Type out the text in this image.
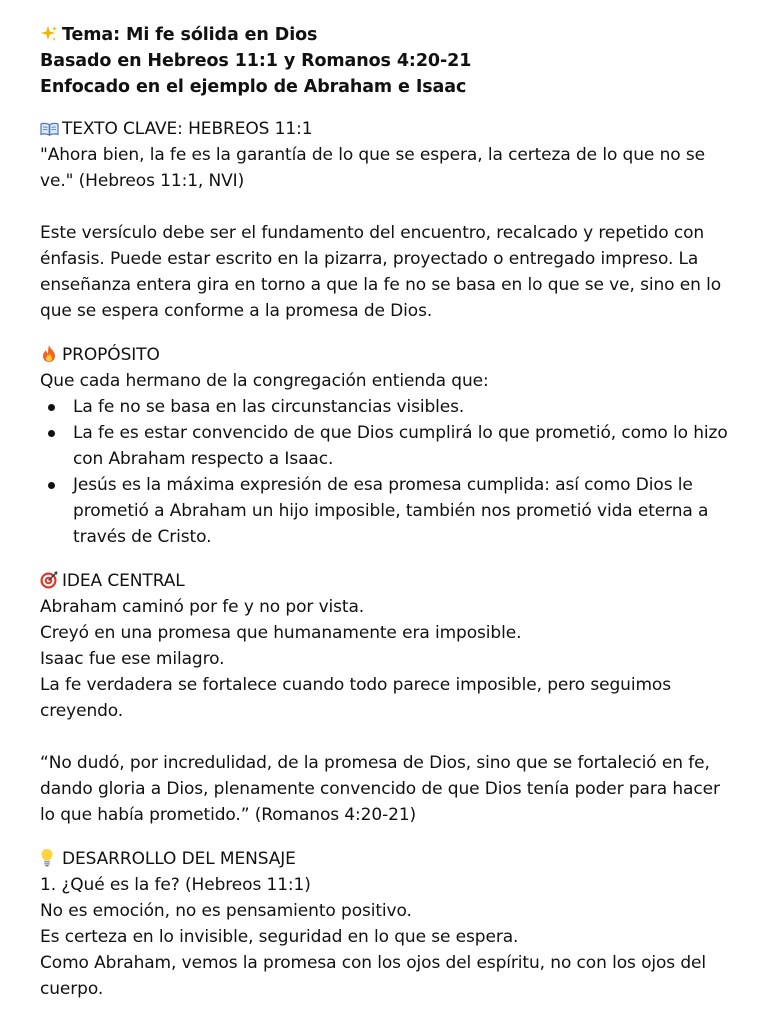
Tema: Mi fe sólida en Dios
Basado en Hebreos 11:1 y Romanos 4:20-21
Enfocado en el ejemplo de Abraham e Isaac
TEXTO CLAVE: HEBREOS 11:1
"Ahora bien, la fe es la garantía de lo que se espera, la certeza de lo que no se ve." (Hebreos 11:1, NVI)
Este versículo debe ser el fundamento del encuentro, recalcado y repetido con énfasis. Puede estar escrito en la pizarra, proyectado o entregado impreso. La enseñanza entera gira en torno a que la fe no se basa en lo que se ve, sino en lo que se espera conforme a la promesa de Dios.
PROPÓSITO
Que cada hermano de la congregación entienda que:
La fe no se basa en las circunstancias visibles.
La fe es estar convencido de que Dios cumplirá lo que prometió, como lo hizo con Abraham respecto a Isaac.
Jesús es la máxima expresión de esa promesa cumplida: así como Dios le prometió a Abraham un hijo imposible, también nos prometió vida eterna a través de Cristo.
IDEA CENTRAL
Abraham caminó por fe y no por vista.
Creyó en una promesa que humanamente era imposible.
Isaac fue ese milagro.
La fe verdadera se fortalece cuando todo parece imposible, pero seguimos creyendo.
“No dudó, por incredulidad, de la promesa de Dios, sino que se fortaleció en fe, dando gloria a Dios, plenamente convencido de que Dios tenía poder para hacer lo que había prometido.” (Romanos 4:20-21)
DESARROLLO DEL MENSAJE
1. ¿Qué es la fe? (Hebreos 11:1)
No es emoción, no es pensamiento positivo.
Es certeza en lo invisible, seguridad en lo que se espera.
Como Abraham, vemos la promesa con los ojos del espíritu, no con los ojos del cuerpo.
